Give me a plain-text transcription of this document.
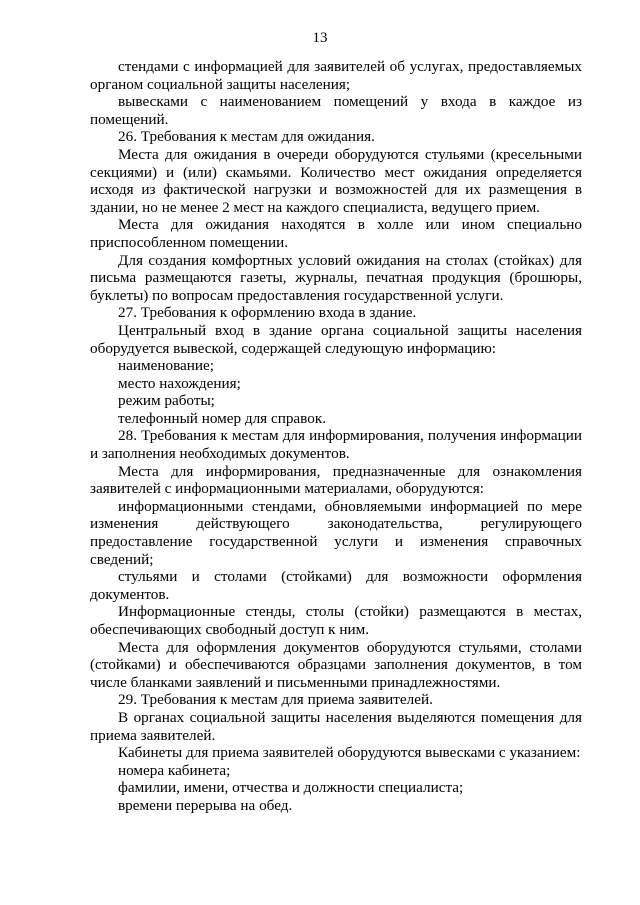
13

стендами с информацией для заявителей об услугах, предоставляемых органом социальной защиты населения;

вывесками с наименованием помещений у входа в каждое из помещений.

26. Требования к местам для ожидания.

Места для ожидания в очереди оборудуются стульями (кресельными секциями) и (или) скамьями. Количество мест ожидания определяется исходя из фактической нагрузки и возможностей для их размещения в здании, но не менее 2 мест на каждого специалиста, ведущего прием.

Места для ожидания находятся в холле или ином специально приспособленном помещении.

Для создания комфортных условий ожидания на столах (стойках) для письма размещаются газеты, журналы, печатная продукция (брошюры, буклеты) по вопросам предоставления государственной услуги.

27. Требования к оформлению входа в здание.

Центральный вход в здание органа социальной защиты населения оборудуется вывеской, содержащей следующую информацию:

наименование;

место нахождения;

режим работы;

телефонный номер для справок.

28. Требования к местам для информирования, получения информации и заполнения необходимых документов.

Места для информирования, предназначенные для ознакомления заявителей с информационными материалами, оборудуются:

информационными стендами, обновляемыми информацией по мере изменения действующего законодательства, регулирующего предоставление государственной услуги и изменения справочных сведений;

стульями и столами (стойками) для возможности оформления документов.

Информационные стенды, столы (стойки) размещаются в местах, обеспечивающих свободный доступ к ним.

Места для оформления документов оборудуются стульями, столами (стойками) и обеспечиваются образцами заполнения документов, в том числе бланками заявлений и письменными принадлежностями.

29. Требования к местам для приема заявителей.

В органах социальной защиты населения выделяются помещения для приема заявителей.

Кабинеты для приема заявителей оборудуются вывесками с указанием:

номера кабинета;

фамилии, имени, отчества и должности специалиста;

времени перерыва на обед.
